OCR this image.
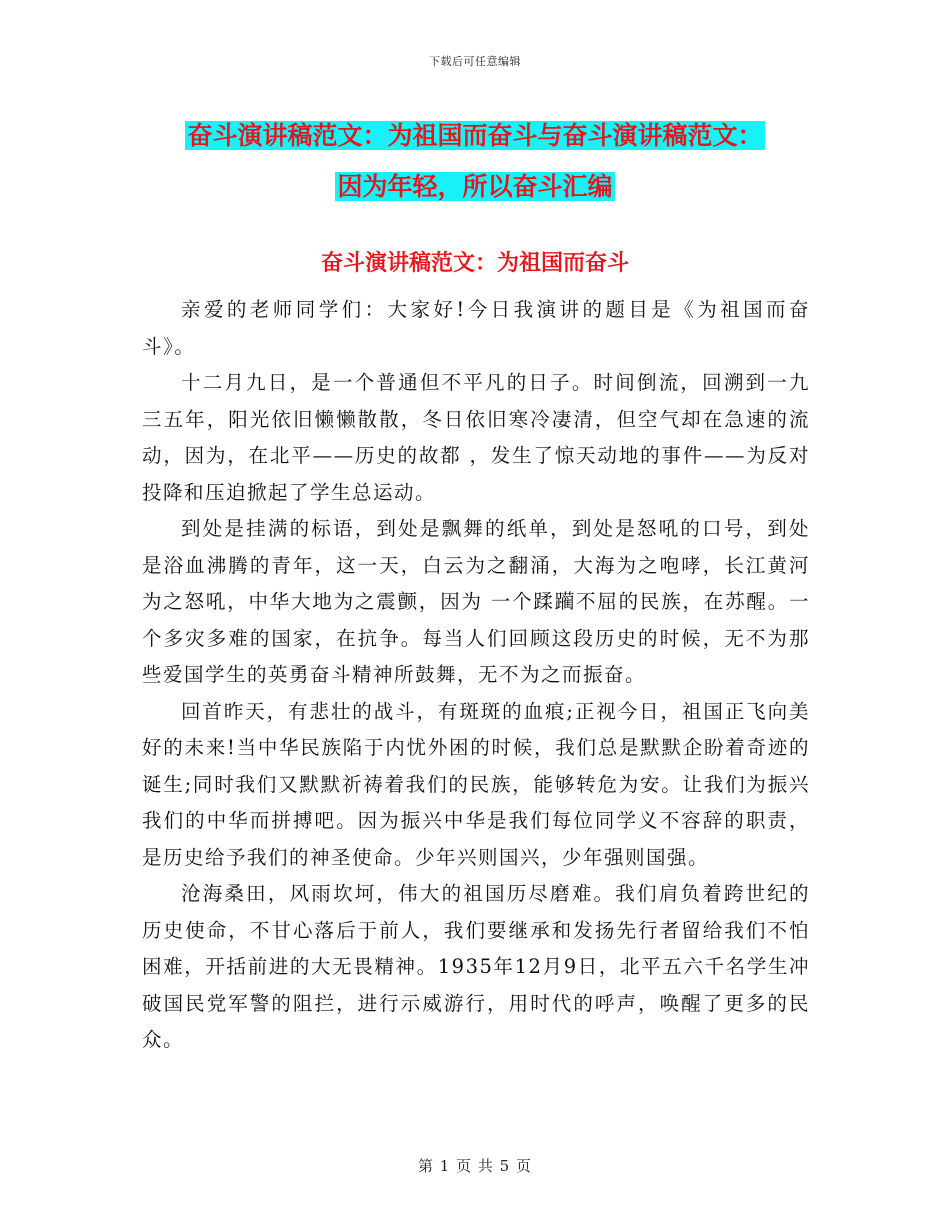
下载后可任意编辑
奋斗演讲稿范文：为祖国而奋斗与奋斗演讲稿范文：
因为年轻，所以奋斗汇编
奋斗演讲稿范文：为祖国而奋斗

亲爱的老师同学们：大家好!今日我演讲的题目是《为祖国而奋斗》。

十二月九日，是一个普通但不平凡的日子。时间倒流，回溯到一九三五年，阳光依旧懒懒散散，冬日依旧寒冷凄清，但空气却在急速的流动，因为，在北平——历史的故都 ，发生了惊天动地的事件——为反对投降和压迫掀起了学生总运动。

到处是挂满的标语，到处是飘舞的纸单，到处是怒吼的口号，到处是浴血沸腾的青年，这一天，白云为之翻涌，大海为之咆哮，长江黄河为之怒吼，中华大地为之震颤，因为 一个蹂躏不屈的民族，在苏醒。一个多灾多难的国家，在抗争。每当人们回顾这段历史的时候，无不为那些爱国学生的英勇奋斗精神所鼓舞，无不为之而振奋。

回首昨天，有悲壮的战斗，有斑斑的血痕;正视今日，祖国正飞向美好的未来!当中华民族陷于内忧外困的时候，我们总是默默企盼着奇迹的诞生;同时我们又默默祈祷着我们的民族，能够转危为安。让我们为振兴我们的中华而拼搏吧。因为振兴中华是我们每位同学义不容辞的职责，是历史给予我们的神圣使命。少年兴则国兴，少年强则国强。

沧海桑田，风雨坎坷，伟大的祖国历尽磨难。我们肩负着跨世纪的历史使命，不甘心落后于前人，我们要继承和发扬先行者留给我们不怕困难，开括前进的大无畏精神。1935年12月9日，北平五六千名学生冲破国民党军警的阻拦，进行示威游行，用时代的呼声，唤醒了更多的民众。

第 1 页 共 5 页
